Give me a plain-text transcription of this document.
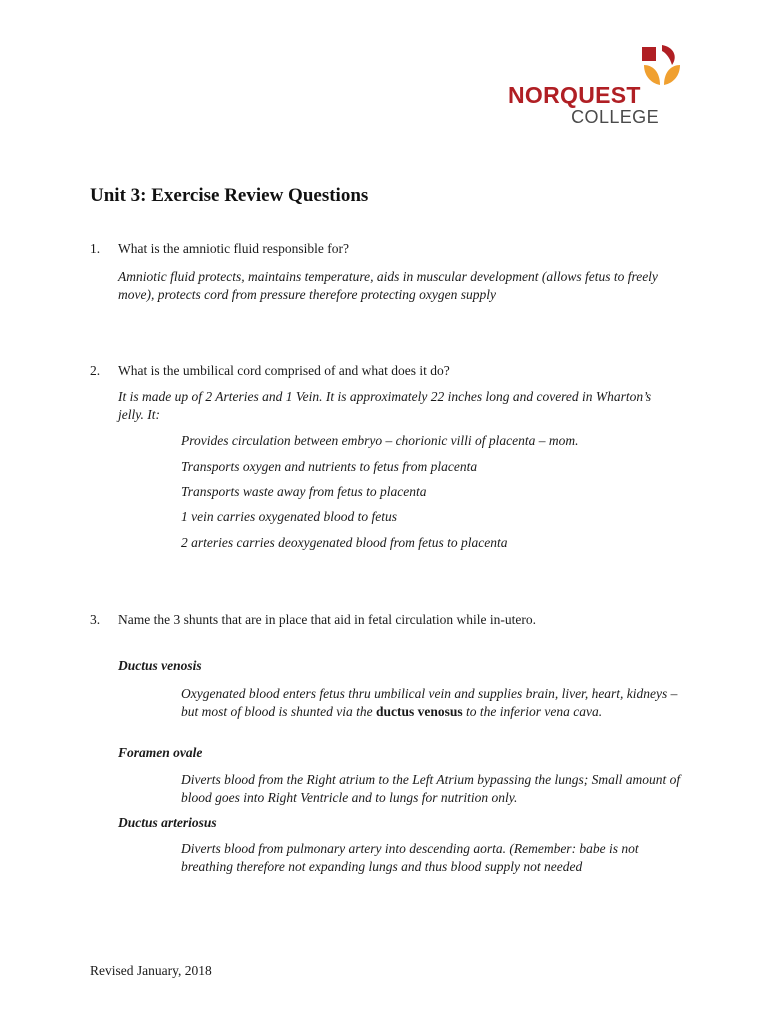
NORQUEST
COLLEGE
Unit 3: Exercise Review Questions
1. What is the amniotic fluid responsible for?

Amniotic fluid protects, maintains temperature, aids in muscular development (allows fetus to freely move), protects cord from pressure therefore protecting oxygen supply

2. What is the umbilical cord comprised of and what does it do?

It is made up of 2 Arteries and 1 Vein. It is approximately 22 inches long and covered in Wharton’s jelly. It:

Provides circulation between embryo – chorionic villi of placenta – mom.

Transports oxygen and nutrients to fetus from placenta

Transports waste away from fetus to placenta

1 vein carries oxygenated blood to fetus

2 arteries carries deoxygenated blood from fetus to placenta

3. Name the 3 shunts that are in place that aid in fetal circulation while in-utero.

Ductus venosis

Oxygenated blood enters fetus thru umbilical vein and supplies brain, liver, heart, kidneys – but most of blood is shunted via the ductus venosus to the inferior vena cava.

Foramen ovale

Diverts blood from the Right atrium to the Left Atrium bypassing the lungs; Small amount of blood goes into Right Ventricle and to lungs for nutrition only.

Ductus arteriosus

Diverts blood from pulmonary artery into descending aorta. (Remember: babe is not breathing therefore not expanding lungs and thus blood supply not needed

Revised January, 2018
